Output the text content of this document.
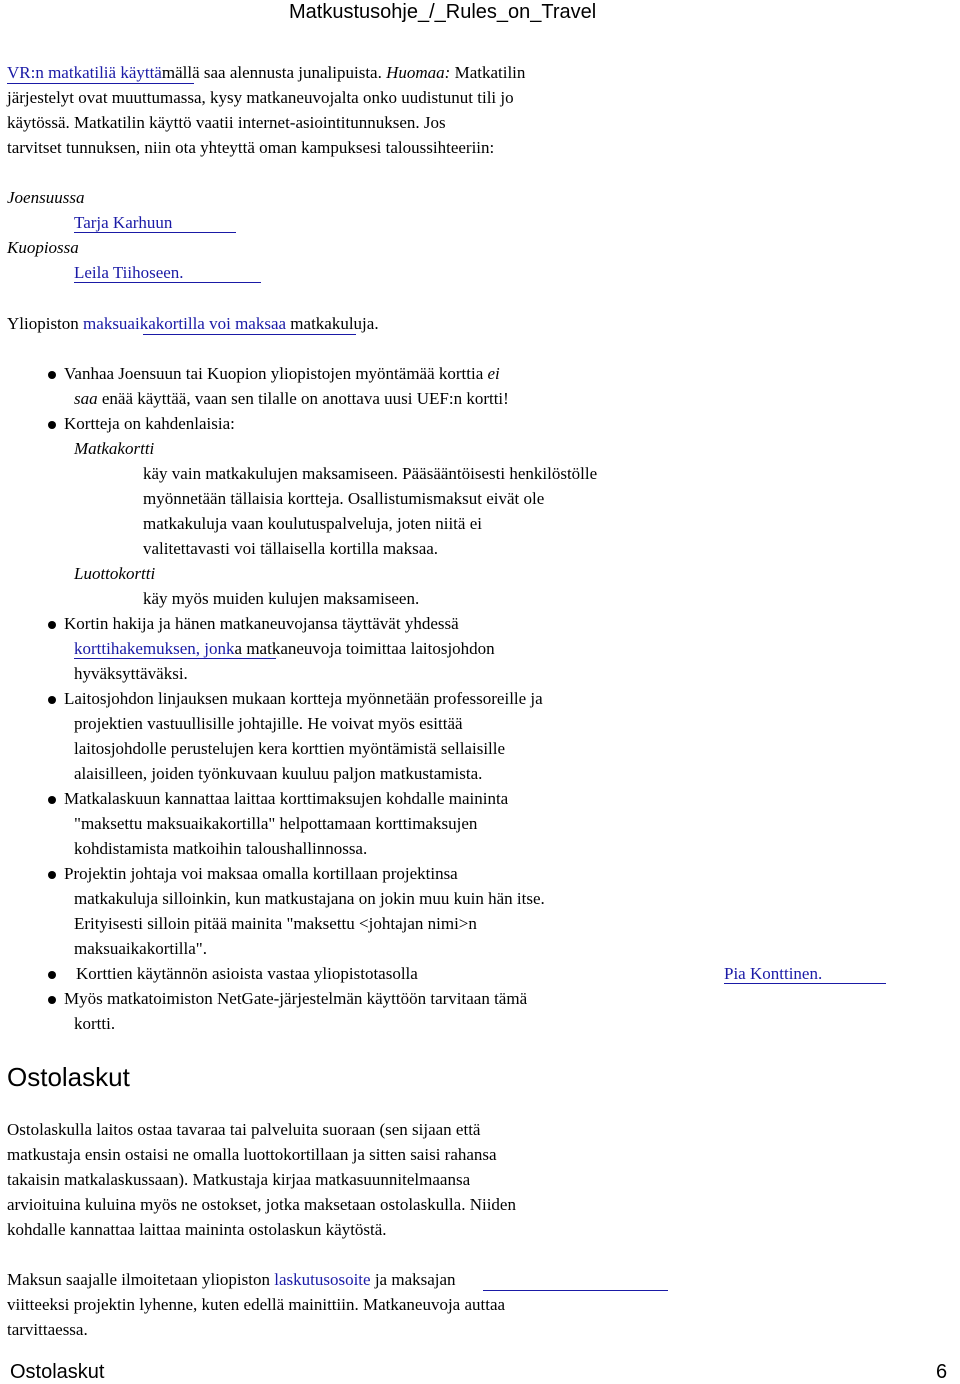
Matkustusohje_/_Rules_on_Travel
VR:n matkatiliä käyttämällä saa alennusta junalipuista. Huomaa: Matkatilin
järjestelyt ovat muuttumassa, kysy matkaneuvojalta onko uudistunut tili jo
käytössä. Matkatilin käyttö vaatii internet-asiointitunnuksen. Jos
tarvitset tunnuksen, niin ota yhteyttä oman kampuksesi taloussihteeriin:
Joensuussa
Tarja Karhuun
Kuopiossa
Leila Tiihoseen.
Yliopiston maksuaikakortilla voi maksaa matkakuluja.
Vanhaa Joensuun tai Kuopion yliopistojen myöntämää korttia ei
saa enää käyttää, vaan sen tilalle on anottava uusi UEF:n kortti!
Kortteja on kahdenlaisia:
Matkakortti
käy vain matkakulujen maksamiseen. Pääsääntöisesti henkilöstölle
myönnetään tällaisia kortteja. Osallistumismaksut eivät ole
matkakuluja vaan koulutuspalveluja, joten niitä ei
valitettavasti voi tällaisella kortilla maksaa.
Luottokortti
käy myös muiden kulujen maksamiseen.
Kortin hakija ja hänen matkaneuvojansa täyttävät yhdessä
korttihakemuksen, jonka matkaneuvoja toimittaa laitosjohdon
hyväksyttäväksi.
Laitosjohdon linjauksen mukaan kortteja myönnetään professoreille ja
projektien vastuullisille johtajille. He voivat myös esittää
laitosjohdolle perustelujen kera korttien myöntämistä sellaisille
alaisilleen, joiden työnkuvaan kuuluu paljon matkustamista.
Matkalaskuun kannattaa laittaa korttimaksujen kohdalle maininta
"maksettu maksuaikakortilla" helpottamaan korttimaksujen
kohdistamista matkoihin taloushallinnossa.
Projektin johtaja voi maksaa omalla kortillaan projektinsa
matkakuluja silloinkin, kun matkustajana on jokin muu kuin hän itse.
Erityisesti silloin pitää mainita "maksettu <johtajan nimi>n
maksuaikakortilla".
Korttien käytännön asioista vastaa yliopistotasolla	Pia Konttinen.
Myös matkatoimiston NetGate-järjestelmän käyttöön tarvitaan tämä
kortti.
Ostolaskut
Ostolaskulla laitos ostaa tavaraa tai palveluita suoraan (sen sijaan että
matkustaja ensin ostaisi ne omalla luottokortillaan ja sitten saisi rahansa
takaisin matkalaskussaan). Matkustaja kirjaa matkasuunnitelmaansa
arvioituina kuluina myös ne ostokset, jotka maksetaan ostolaskulla. Niiden
kohdalle kannattaa laittaa maininta ostolaskun käytöstä.
Maksun saajalle ilmoitetaan yliopiston laskutusosoite ja maksajan
viitteeksi projektin lyhenne, kuten edellä mainittiin. Matkaneuvoja auttaa
tarvittaessa.
Ostolaskut	6
